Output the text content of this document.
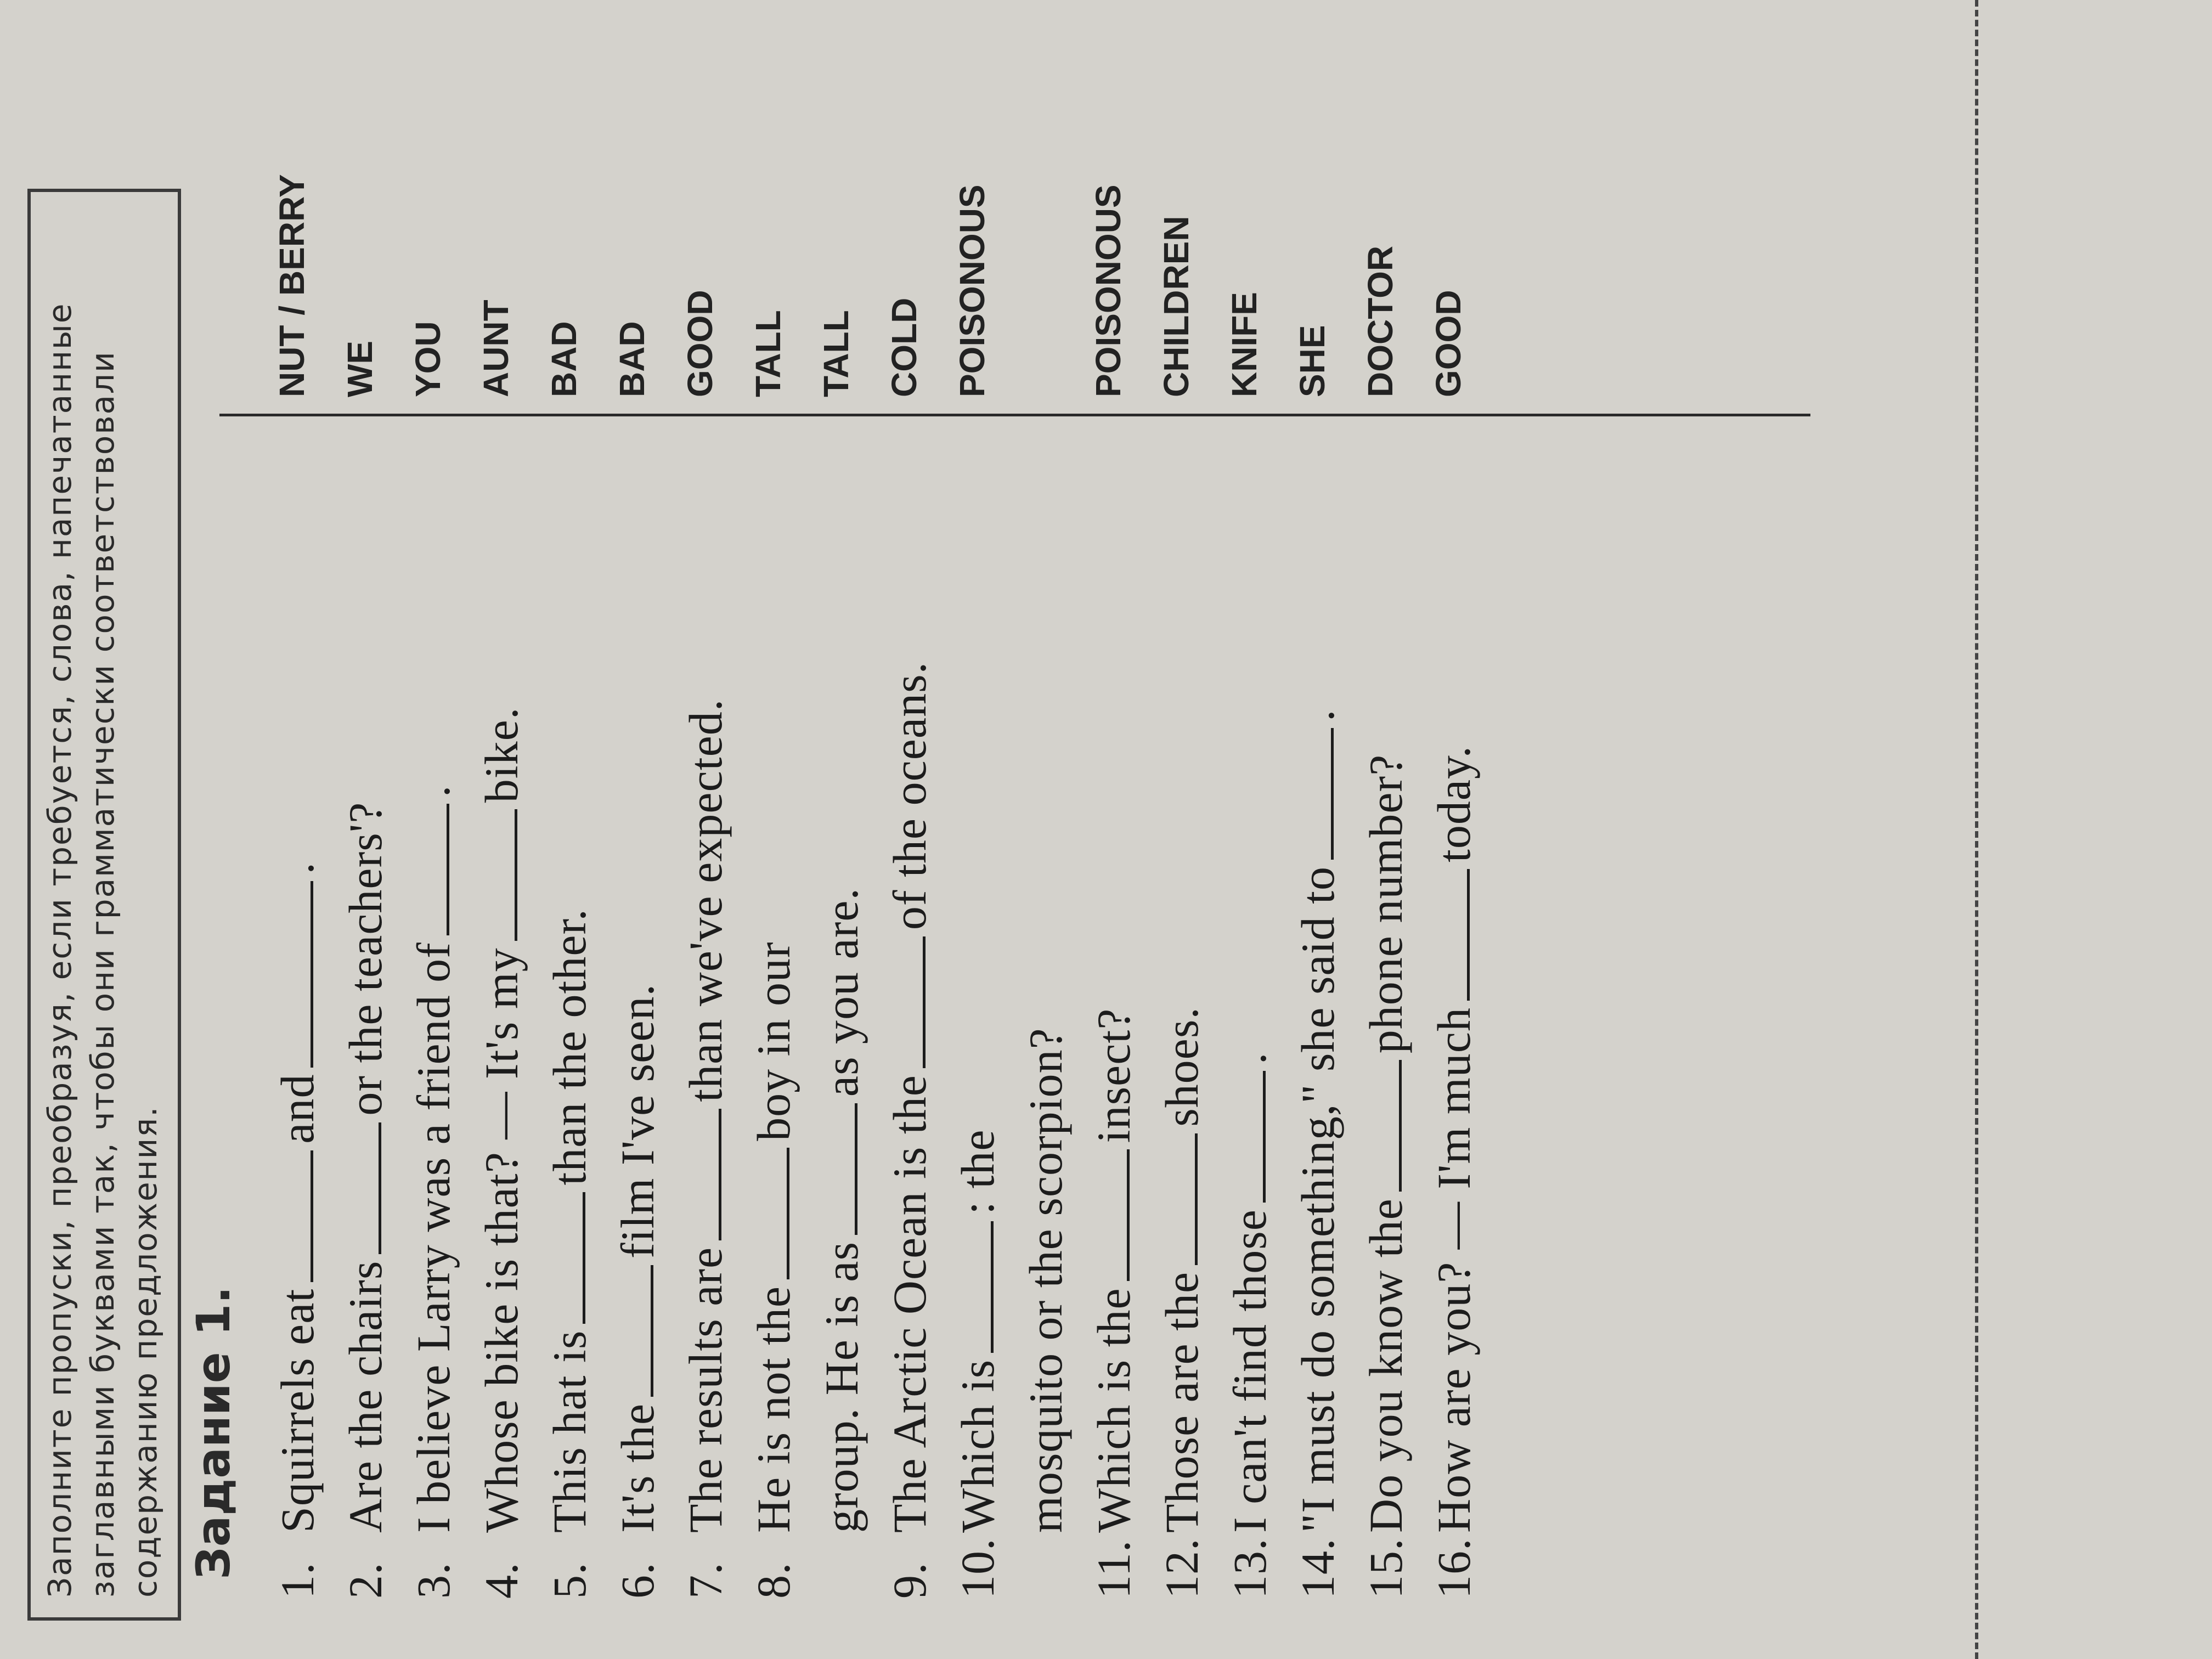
Заполните пропуски, преобразуя, если требуется, слова, напечатанные заглавными буквами так, чтобы они грамматически соответствовали содержанию предложения. Задание 1.
1.Squirrels eatand.
2.Are the chairsor the teachers'?
3.I believe Larry was a friend of.
4.Whose bike is that? — It's mybike.
5.This hat isthan the other.
6.It's thefilm I've seen.
7.The results arethan we've expected.
8.He is not theboy in our
group. He is asas you are.
9.The Arctic Ocean is theof the oceans.
10.Which is: the mosquito or the scorpion?
11.Which is theinsect?
12.Those are theshoes.
13.I can't find those.
14."I must do something," she said to.
15.Do you know thephone number?
16.How are you? — I'm muchtoday.
NUT / BERRY WE YOU AUNT BAD BAD GOOD TALL TALL COLD POISONOUS	POISONOUS CHILDREN KNIFE SHE DOCTOR GOOD
